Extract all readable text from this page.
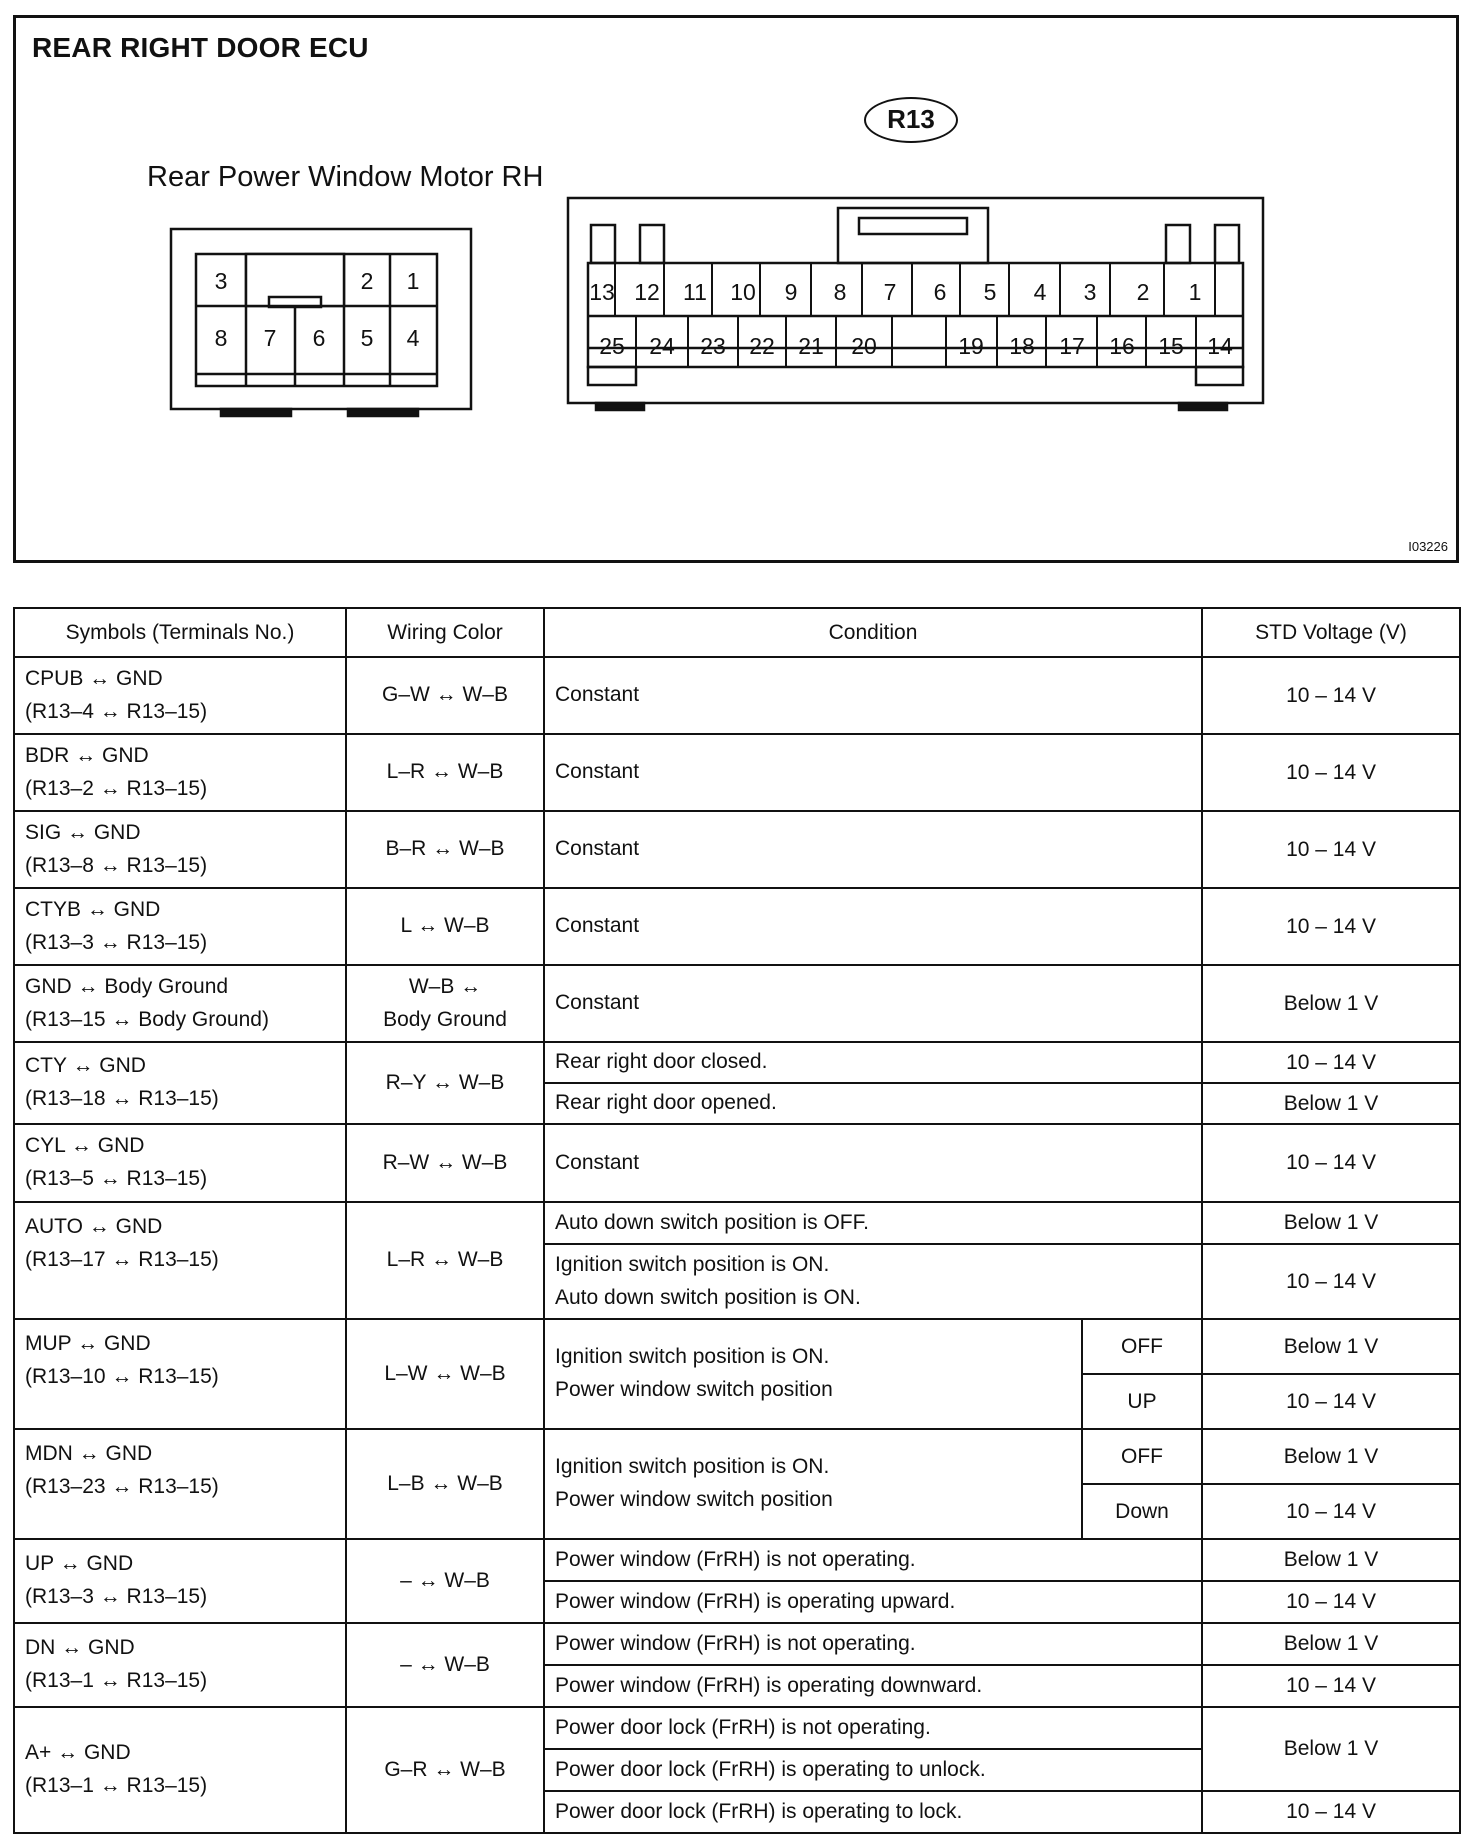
REAR RIGHT DOOR ECU
Rear Power Window Motor RH
R13
I03226
3	2 1
8 7 6 5 4
13 12 11 10 9 8 7 6 5 4 3 2 1
25 24 23 22 21 20	19 18 17 16 15 14
Symbols (Terminals No.)	Wiring Color	Condition		STD Voltage (V)

CPUB ↔ GND
(R13–4 ↔ R13–15)	G–W ↔ W–B	Constant		10 – 14 V

BDR ↔ GND
(R13–2 ↔ R13–15)	L–R ↔ W–B	Constant		10 – 14 V

SIG ↔ GND
(R13–8 ↔ R13–15)	B–R ↔ W–B	Constant		10 – 14 V

CTYB ↔ GND
(R13–3 ↔ R13–15)	L ↔ W–B	Constant		10 – 14 V

GND ↔ Body Ground
(R13–15 ↔ Body Ground)	W–B ↔
Body Ground	Constant		Below 1 V

CTY ↔ GND
(R13–18 ↔ R13–15)	R–Y ↔ W–B	Rear right door closed.		10 – 14 V
		Rear right door opened.		Below 1 V

CYL ↔ GND
(R13–5 ↔ R13–15)	R–W ↔ W–B	Constant		10 – 14 V

AUTO ↔ GND
(R13–17 ↔ R13–15)	L–R ↔ W–B	Auto down switch position is OFF.		Below 1 V

		Ignition switch position is ON.
Auto down switch position is ON.		10 – 14 V

MUP ↔ GND
(R13–10 ↔ R13–15)	L–W ↔ W–B	Ignition switch position is ON.
Power window switch position	OFF	Below 1 V
			UP	10 – 14 V

MDN ↔ GND
(R13–23 ↔ R13–15)	L–B ↔ W–B	Ignition switch position is ON.
Power window switch position	OFF	Below 1 V
			Down	10 – 14 V

UP ↔ GND
(R13–3 ↔ R13–15)	– ↔ W–B	Power window (FrRH) is not operating.		Below 1 V
		Power window (FrRH) is operating upward.		10 – 14 V

DN ↔ GND
(R13–1 ↔ R13–15)	– ↔ W–B	Power window (FrRH) is not operating.		Below 1 V
		Power window (FrRH) is operating downward.		10 – 14 V

A+ ↔ GND
(R13–1 ↔ R13–15)	G–R ↔ W–B	Power door lock (FrRH) is not operating.		Below 1 V
		Power door lock (FrRH) is operating to unlock.		
		Power door lock (FrRH) is operating to lock.		10 – 14 V
